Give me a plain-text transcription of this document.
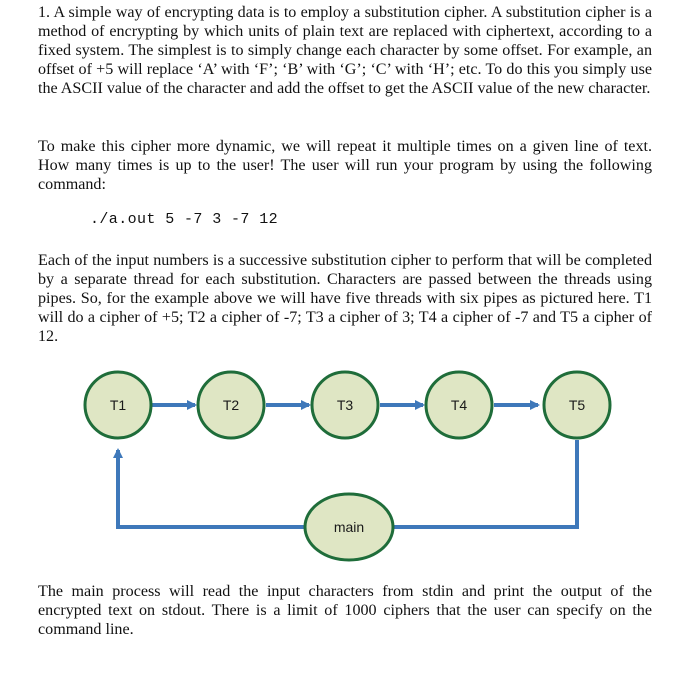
1. A simple way of encrypting data is to employ a substitution cipher. A substitution cipher is a method of encrypting by which units of plain text are replaced with ciphertext, according to a fixed system. The simplest is to simply change each character by some offset. For example, an offset of +5 will replace ‘A’ with ‘F’; ‘B’ with ‘G’; ‘C’ with ‘H’; etc. To do this you simply use the ASCII value of the character and add the offset to get the ASCII value of the new character.

To make this cipher more dynamic, we will repeat it multiple times on a given line of text. How many times is up to the user! The user will run your program by using the following command:

./a.out 5 -7 3 -7 12

Each of the input numbers is a successive substitution cipher to perform that will be completed by a separate thread for each substitution. Characters are passed between the threads using pipes. So, for the example above we will have five threads with six pipes as pictured here. T1 will do a cipher of +5; T2 a cipher of -7; T3 a cipher of 3; T4 a cipher of -7 and T5 a cipher of 12.

T1	T2	T3	T4	T5
main

The main process will read the input characters from stdin and print the output of the encrypted text on stdout. There is a limit of 1000 ciphers that the user can specify on the command line.
